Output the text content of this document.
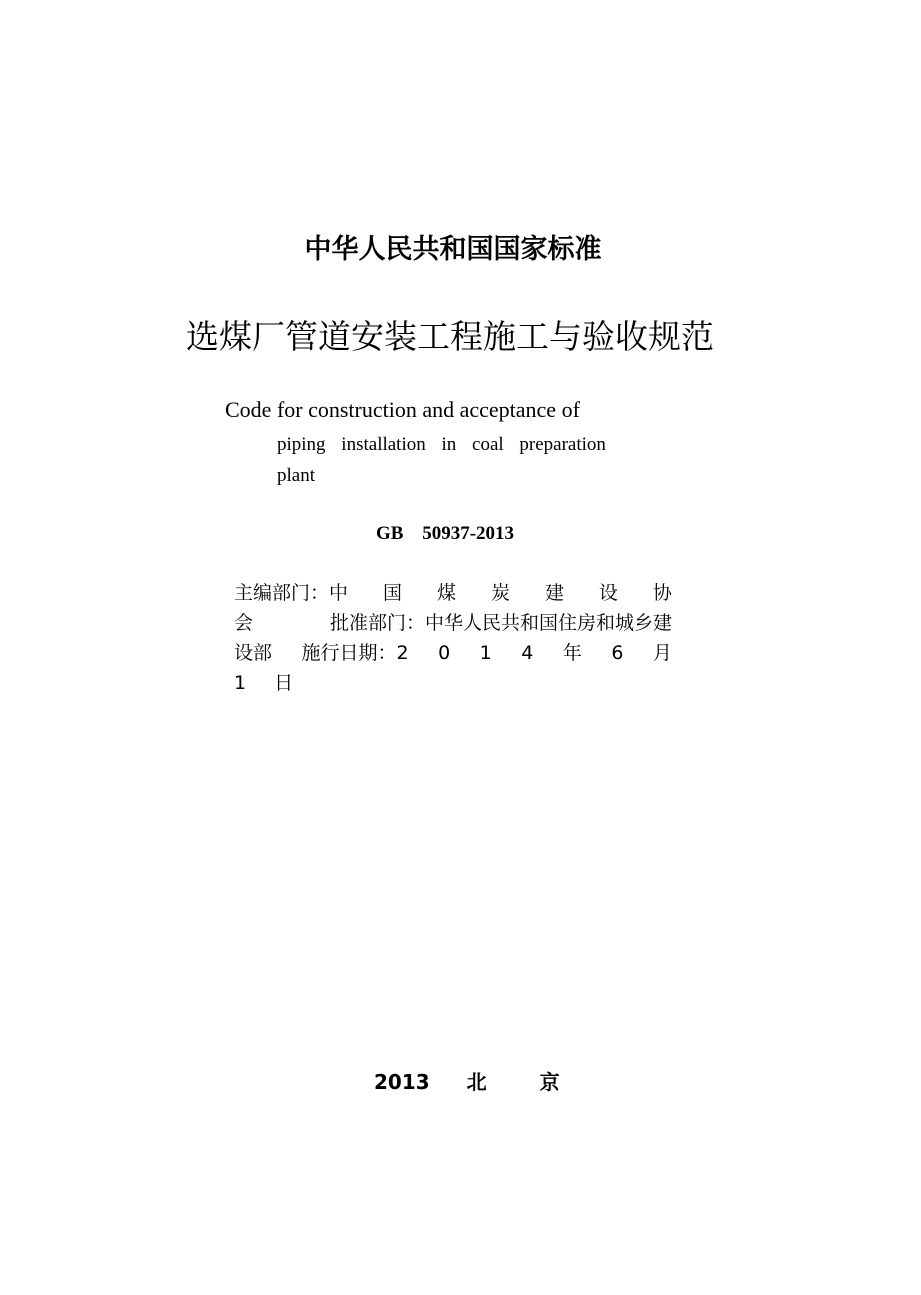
中华人民共和国国家标准
选煤厂管道安装工程施工与验收规范
Code for construction and acceptance of
piping installation in coal preparation
plant
GB 50937-2013
主编部门：中 国 煤 炭 建 设 协
会	批准部门：中华人民共和国住房和城乡建
设部 施行日期：2 0 1 4 年 6 月
1 日
2013 北	京
